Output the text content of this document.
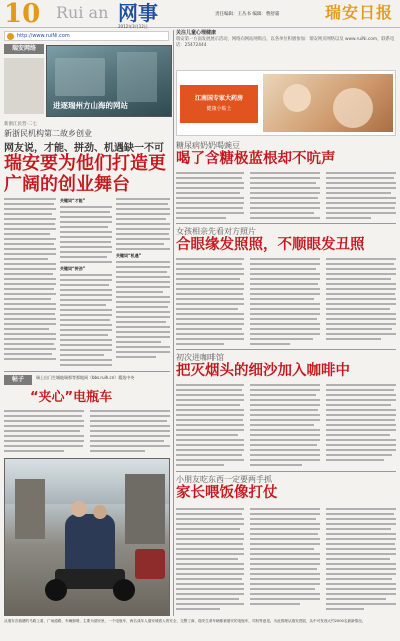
10 Rui an 网事
2012年3月12日
责任编辑：王丛书 编辑：曹舒霜	瑞安日报
http://www.ruiNi.com
瑞安网络
进逐瑞州方山海的网站
新浙江民营·二七
新浙民机构第二故乡创业
网友说，才能、拼劲、机遇缺一不可
瑞安要为他们打造更广阔的创业舞台
关键词“才能”
关键词“拼劲”
关键词“机遇”
帖子	瑞上出门生城地瑞那等那地网（bbs.ruih.cn）精选中央
“夹心”电瓶车
从瑞安各瑞塘的马路上看，广场道路、车辆拥堵，主要为瑞安里，一个电瓶车，两名成年人瑞安城看人的安全，交警工商，瑞安生命车辆都被瑞安的电瓶车，司机等意见。为此管理从瑞安进展，从中可发现大约2000名最新情况。
关注儿童心理健康
瑞安第一方面发展展示活动，网络向网站网购点，以各单位积极参加：瑞安网页网络以及 www.ruiNi.com，联系电话：25472444
江南国专家大药房
健康小贴士
糖尿病奶奶喝豌豆
喝了含糖极蓝根却不吭声
女孩相亲先看对方照片
合眼缘发照照，不顺眼发丑照
初次进咖啡馆
把灭烟头的细沙加入咖啡中
小朋友吃东西一定要两手抓
家长喂饭像打仗
